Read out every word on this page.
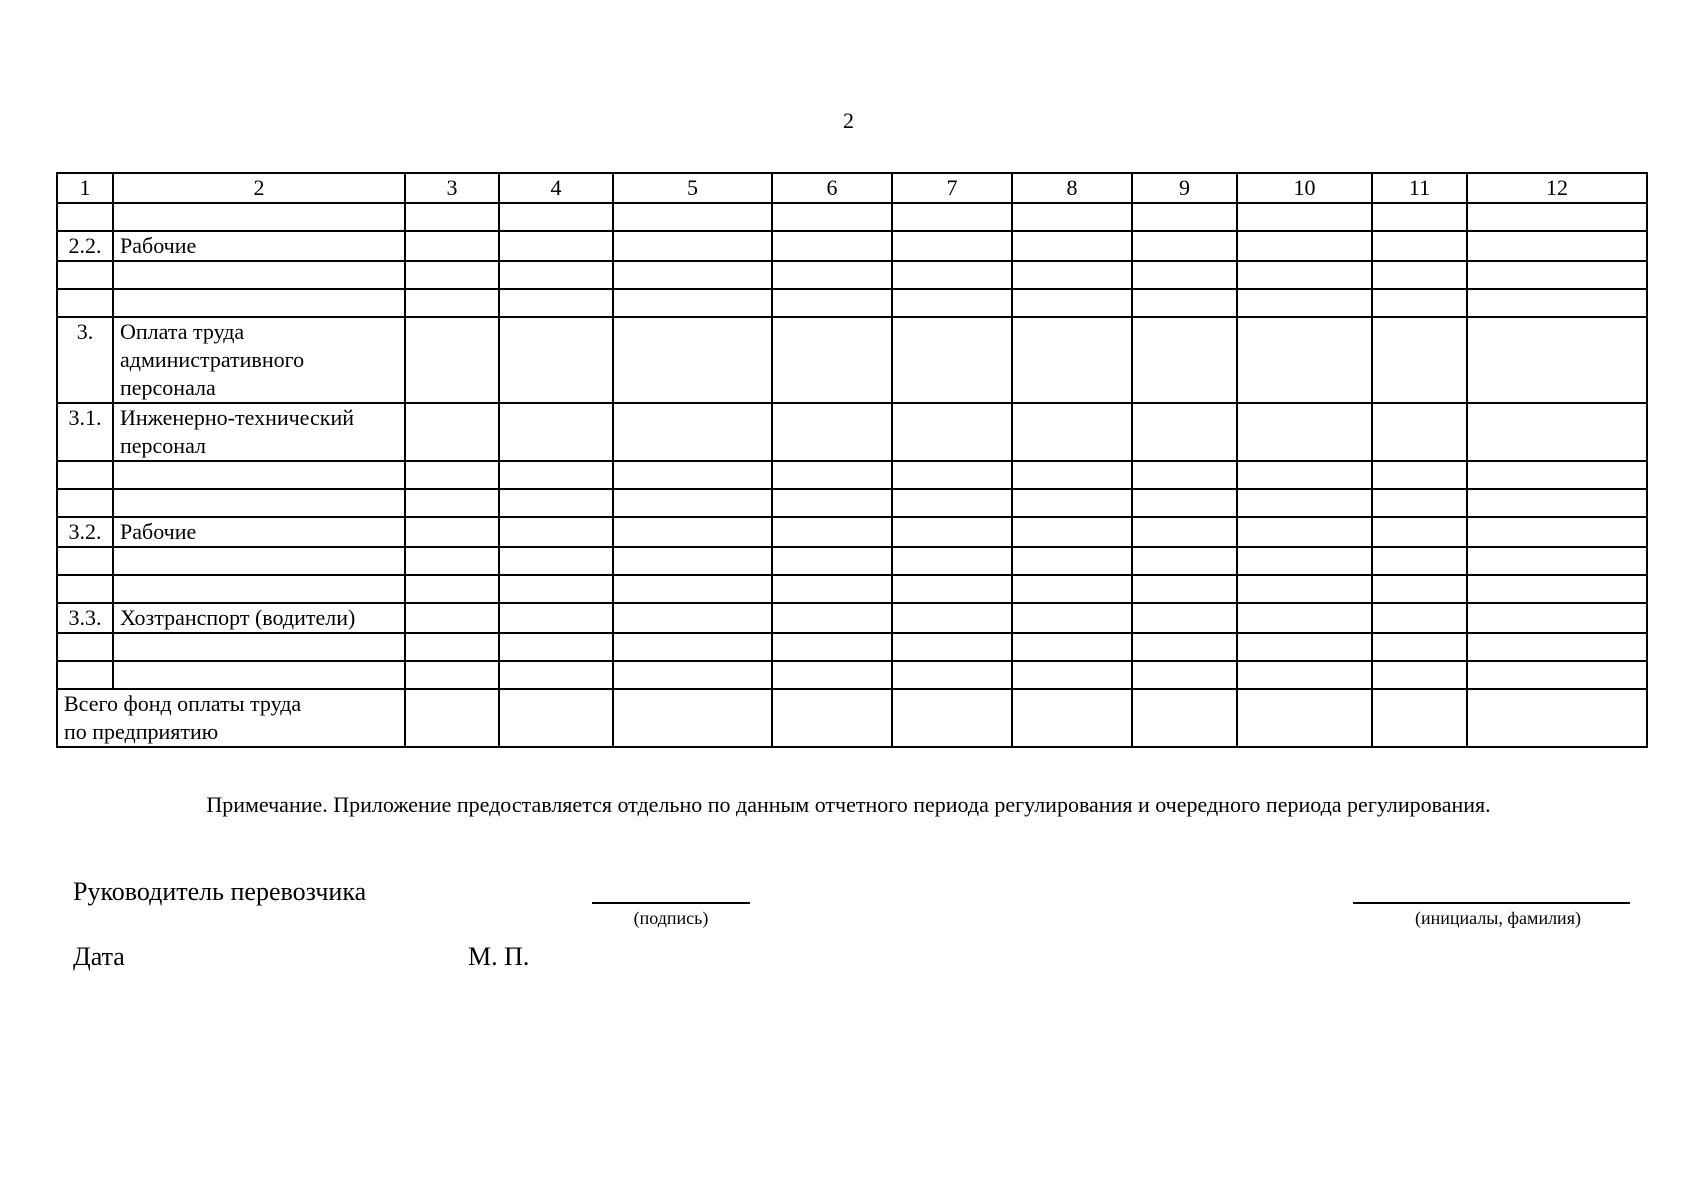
2
1	2	3	4	5	6	7	8	9	10	11	12

2.2.	Рабочие										

3.	Оплата труда
административного
персонала										
3.1.	Инженерно-технический
персонал										

3.2.	Рабочие										

3.3.	Хозтранспорт (водители)										

Всего фонд оплаты труда
по предприятию											
Примечание. Приложение предоставляется отдельно по данным отчетного периода регулирования и очередного периода регулирования.
Руководитель перевозчика
(подпись)	(инициалы, фамилия)
Дата	М. П.
